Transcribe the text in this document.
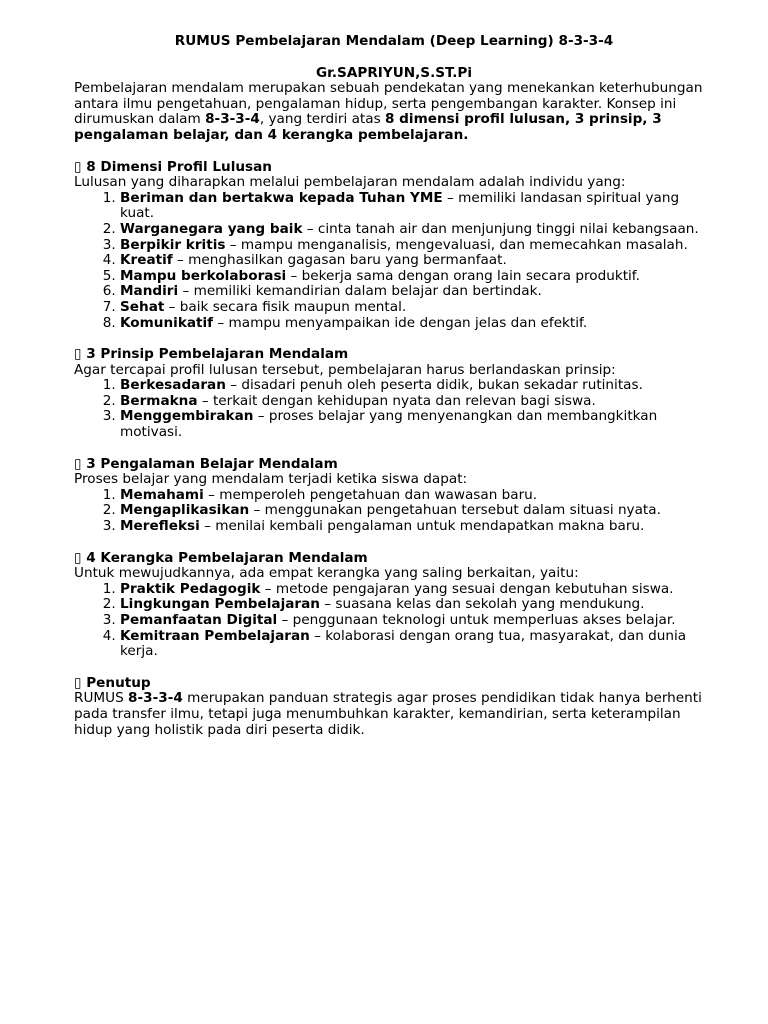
RUMUS Pembelajaran Mendalam (Deep Learning) 8-3-3-4

Gr.SAPRIYUN,S.ST.Pi

Pembelajaran mendalam merupakan sebuah pendekatan yang menekankan keterhubungan antara ilmu pengetahuan, pengalaman hidup, serta pengembangan karakter. Konsep ini dirumuskan dalam 8-3-3-4, yang terdiri atas 8 dimensi profil lulusan, 3 prinsip, 3 pengalaman belajar, dan 4 kerangka pembelajaran.

▯ 8 Dimensi Profil Lulusan

Lulusan yang diharapkan melalui pembelajaran mendalam adalah individu yang:

1. Beriman dan bertakwa kepada Tuhan YME – memiliki landasan spiritual yang kuat.
2. Warganegara yang baik – cinta tanah air dan menjunjung tinggi nilai kebangsaan.
3. Berpikir kritis – mampu menganalisis, mengevaluasi, dan memecahkan masalah.
4. Kreatif – menghasilkan gagasan baru yang bermanfaat.
5. Mampu berkolaborasi – bekerja sama dengan orang lain secara produktif.
6. Mandiri – memiliki kemandirian dalam belajar dan bertindak.
7. Sehat – baik secara fisik maupun mental.
8. Komunikatif – mampu menyampaikan ide dengan jelas dan efektif.

▯ 3 Prinsip Pembelajaran Mendalam

Agar tercapai profil lulusan tersebut, pembelajaran harus berlandaskan prinsip:

1. Berkesadaran – disadari penuh oleh peserta didik, bukan sekadar rutinitas.
2. Bermakna – terkait dengan kehidupan nyata dan relevan bagi siswa.
3. Menggembirakan – proses belajar yang menyenangkan dan membangkitkan motivasi.

▯ 3 Pengalaman Belajar Mendalam

Proses belajar yang mendalam terjadi ketika siswa dapat:

1. Memahami – memperoleh pengetahuan dan wawasan baru.
2. Mengaplikasikan – menggunakan pengetahuan tersebut dalam situasi nyata.
3. Merefleksi – menilai kembali pengalaman untuk mendapatkan makna baru.

▯ 4 Kerangka Pembelajaran Mendalam

Untuk mewujudkannya, ada empat kerangka yang saling berkaitan, yaitu:

1. Praktik Pedagogik – metode pengajaran yang sesuai dengan kebutuhan siswa.
2. Lingkungan Pembelajaran – suasana kelas dan sekolah yang mendukung.
3. Pemanfaatan Digital – penggunaan teknologi untuk memperluas akses belajar.
4. Kemitraan Pembelajaran – kolaborasi dengan orang tua, masyarakat, dan dunia kerja.

▯ Penutup

RUMUS 8-3-3-4 merupakan panduan strategis agar proses pendidikan tidak hanya berhenti pada transfer ilmu, tetapi juga menumbuhkan karakter, kemandirian, serta keterampilan hidup yang holistik pada diri peserta didik.
